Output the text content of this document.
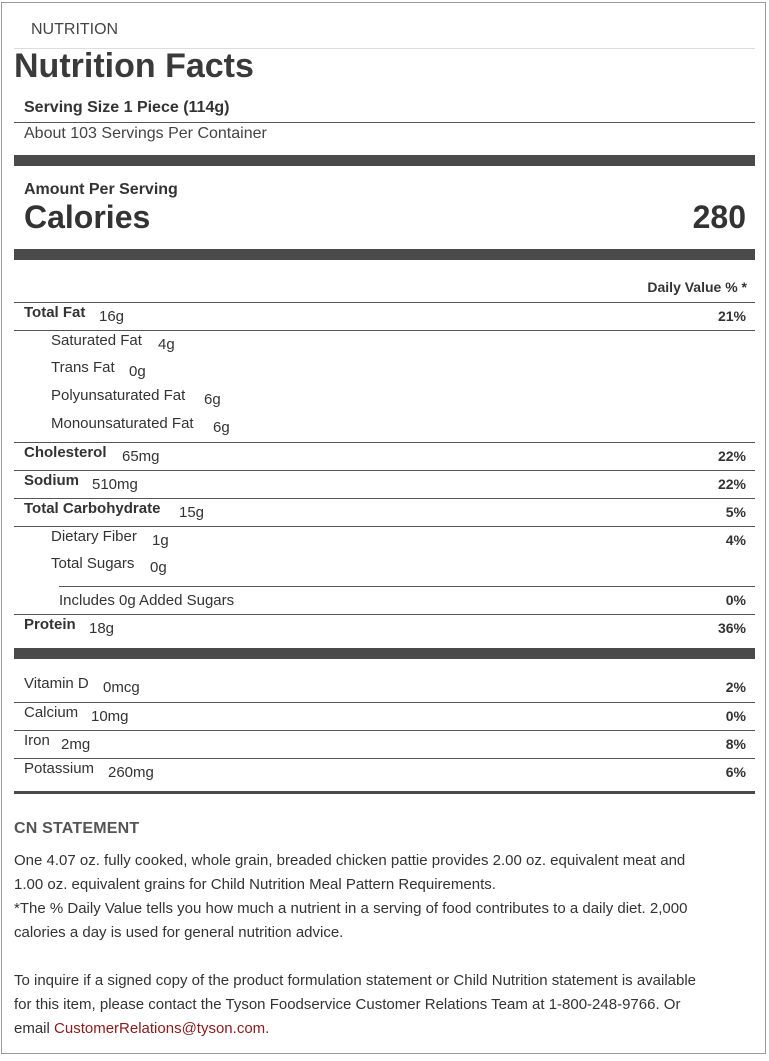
NUTRITION
Nutrition Facts
Serving Size 1 Piece (114g)
About 103 Servings Per Container
Amount Per Serving
Calories	280
Daily Value % *
Total Fat 16g	21%
Saturated Fat 4g
Trans Fat 0g
Polyunsaturated Fat 6g
Monounsaturated Fat 6g
Cholesterol 65mg	22%
Sodium 510mg	22%
Total Carbohydrate 15g	5%
Dietary Fiber 1g	4%
Total Sugars 0g
Includes 0g Added Sugars	0%
Protein 18g	36%
Vitamin D 0mcg	2%
Calcium 10mg	0%
Iron 2mg	8%
Potassium 260mg	6%
CN STATEMENT
One 4.07 oz. fully cooked, whole grain, breaded chicken pattie provides 2.00 oz. equivalent meat and
1.00 oz. equivalent grains for Child Nutrition Meal Pattern Requirements.
*The % Daily Value tells you how much a nutrient in a serving of food contributes to a daily diet. 2,000
calories a day is used for general nutrition advice.
To inquire if a signed copy of the product formulation statement or Child Nutrition statement is available
for this item, please contact the Tyson Foodservice Customer Relations Team at 1-800-248-9766. Or
email CustomerRelations@tyson.com.
